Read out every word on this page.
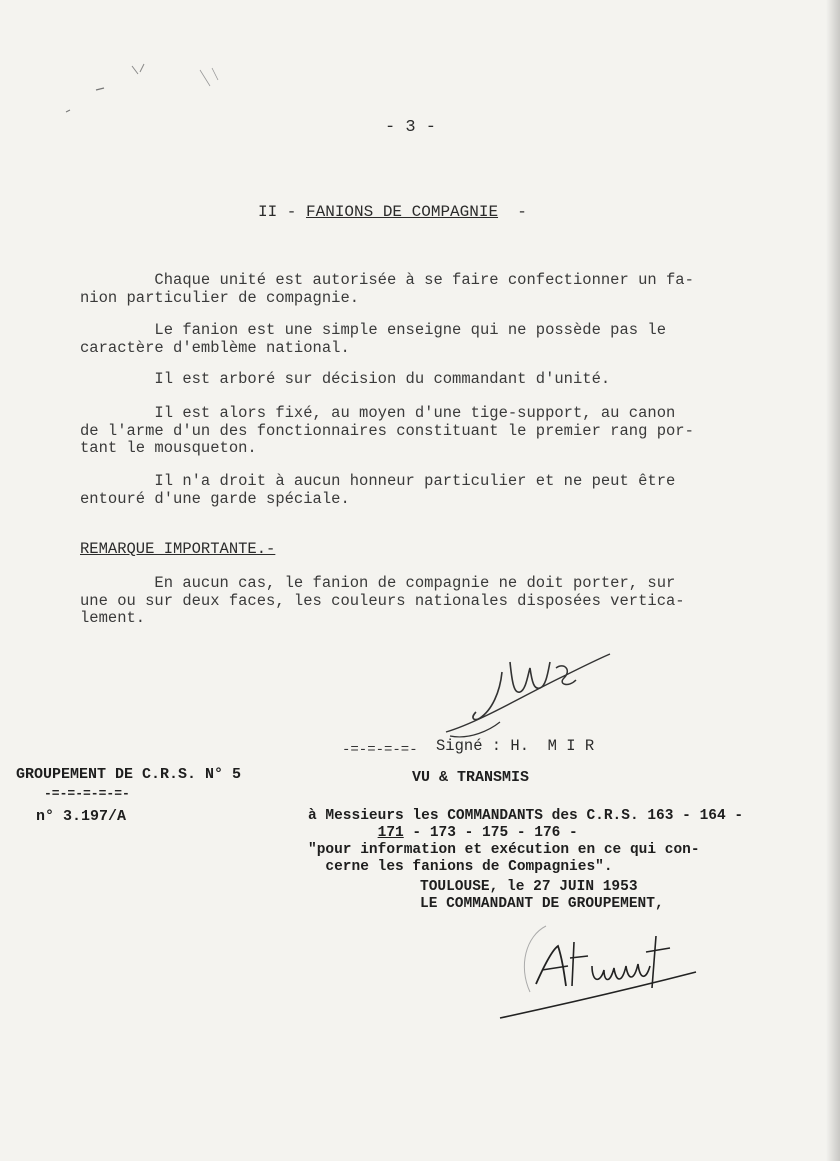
- 3 -
II - FANIONS DE COMPAGNIE  -
Chaque unité est autorisée à se faire confectionner un fa-
nion particulier de compagnie.
Le fanion est une simple enseigne qui ne possède pas le
caractère d'emblème national.
Il est arboré sur décision du commandant d'unité.
Il est alors fixé, au moyen d'une tige-support, au canon
de l'arme d'un des fonctionnaires constituant le premier rang por-
tant le mousqueton.
Il n'a droit à aucun honneur particulier et ne peut être
entouré d'une garde spéciale.
REMARQUE IMPORTANTE.-
En aucun cas, le fanion de compagnie ne doit porter, sur
une ou sur deux faces, les couleurs nationales disposées vertica-
lement.
-=-=-=-=- Signé : H.  M I R
GROUPEMENT DE C.R.S. N° 5
-=-=-=-=-=-
VU & TRANSMIS
n° 3.197/A	à Messieurs les COMMANDANTS des C.R.S. 163 - 164 -
171 - 173 - 175 - 176 -
"pour information et exécution en ce qui con-
cerne les fanions de Compagnies".
TOULOUSE, le 27 JUIN 1953
LE COMMANDANT DE GROUPEMENT,
